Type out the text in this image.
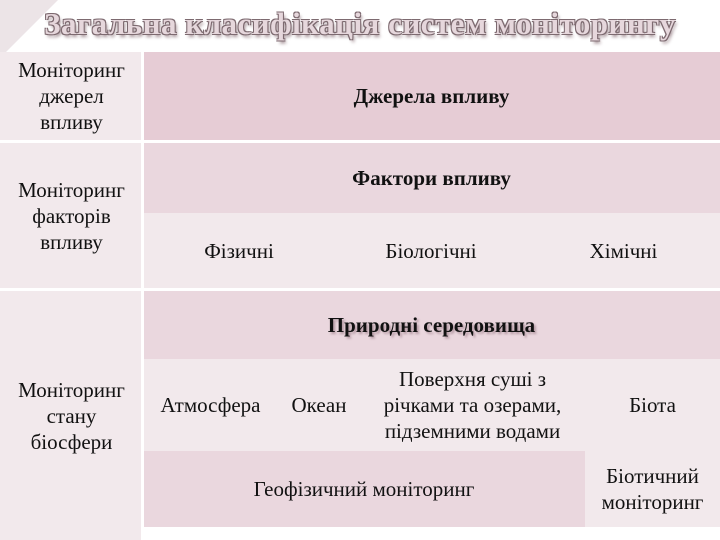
Загальна класифікація систем моніторингу
Моніторинг джерел впливу
Джерела впливу
Моніторинг факторів впливу
Фактори впливу
Фізичні	Біологічні	Хімічні
Моніторинг стану біосфери
Природні середовища
Атмосфера Океан
Поверхня суші з річками та озерами, підземними водами
Біота
Геофізичний моніторинг
Біотичний моніторинг
